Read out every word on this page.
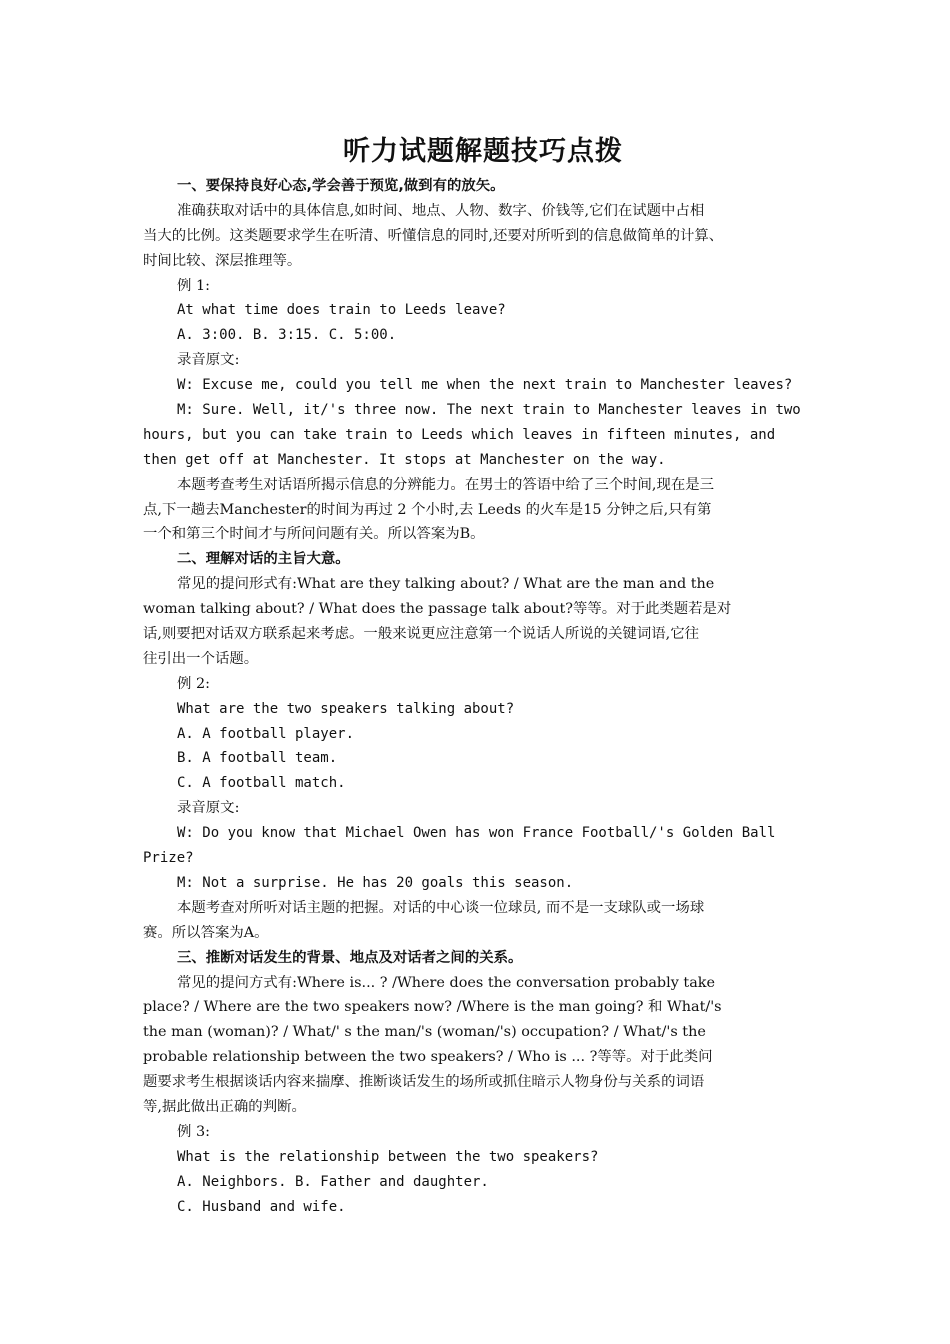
听力试题解题技巧点拨

一、要保持良好心态,学会善于预览,做到有的放矢。

准确获取对话中的具体信息,如时间、地点、人物、数字、价钱等,它们在试题中占相

当大的比例。这类题要求学生在听清、听懂信息的同时,还要对所听到的信息做简单的计算、

时间比较、深层推理等。

例 1:

At what time does train to Leeds leave?

A. 3:00. B. 3:15. C. 5:00.

录音原文:

W: Excuse me, could you tell me when the next train to Manchester leaves?

M: Sure. Well, it/'s three now. The next train to Manchester leaves in two

hours, but you can take train to Leeds which leaves in fifteen minutes, and

then get off at Manchester. It stops at Manchester on the way.

本题考查考生对话语所揭示信息的分辨能力。在男士的答语中给了三个时间,现在是三

点,下一趟去Manchester的时间为再过 2 个小时,去 Leeds 的火车是15 分钟之后,只有第

一个和第三个时间才与所问问题有关。所以答案为B。

二、理解对话的主旨大意。

常见的提问形式有:What are they talking about? / What are the man and the

woman talking about? / What does the passage talk about?等等。对于此类题若是对

话,则要把对话双方联系起来考虑。一般来说更应注意第一个说话人所说的关键词语,它往

往引出一个话题。

例 2:

What are the two speakers talking about?

A. A football player.

B. A football team.

C. A football match.

录音原文:

W: Do you know that Michael Owen has won France Football/'s Golden Ball

Prize?

M: Not a surprise. He has 20 goals this season.

本题考查对所听对话主题的把握。对话的中心谈一位球员, 而不是一支球队或一场球

赛。所以答案为A。

三、推断对话发生的背景、地点及对话者之间的关系。

常见的提问方式有:Where is... ? /Where does the conversation probably take

place? / Where are the two speakers now? /Where is the man going? 和 What/'s

the man (woman)? / What/' s the man/'s (woman/'s) occupation? / What/'s the

probable relationship between the two speakers? / Who is ... ?等等。对于此类问

题要求考生根据谈话内容来揣摩、推断谈话发生的场所或抓住暗示人物身份与关系的词语

等,据此做出正确的判断。

例 3:

What is the relationship between the two speakers?

A. Neighbors. B. Father and daughter.

C. Husband and wife.
